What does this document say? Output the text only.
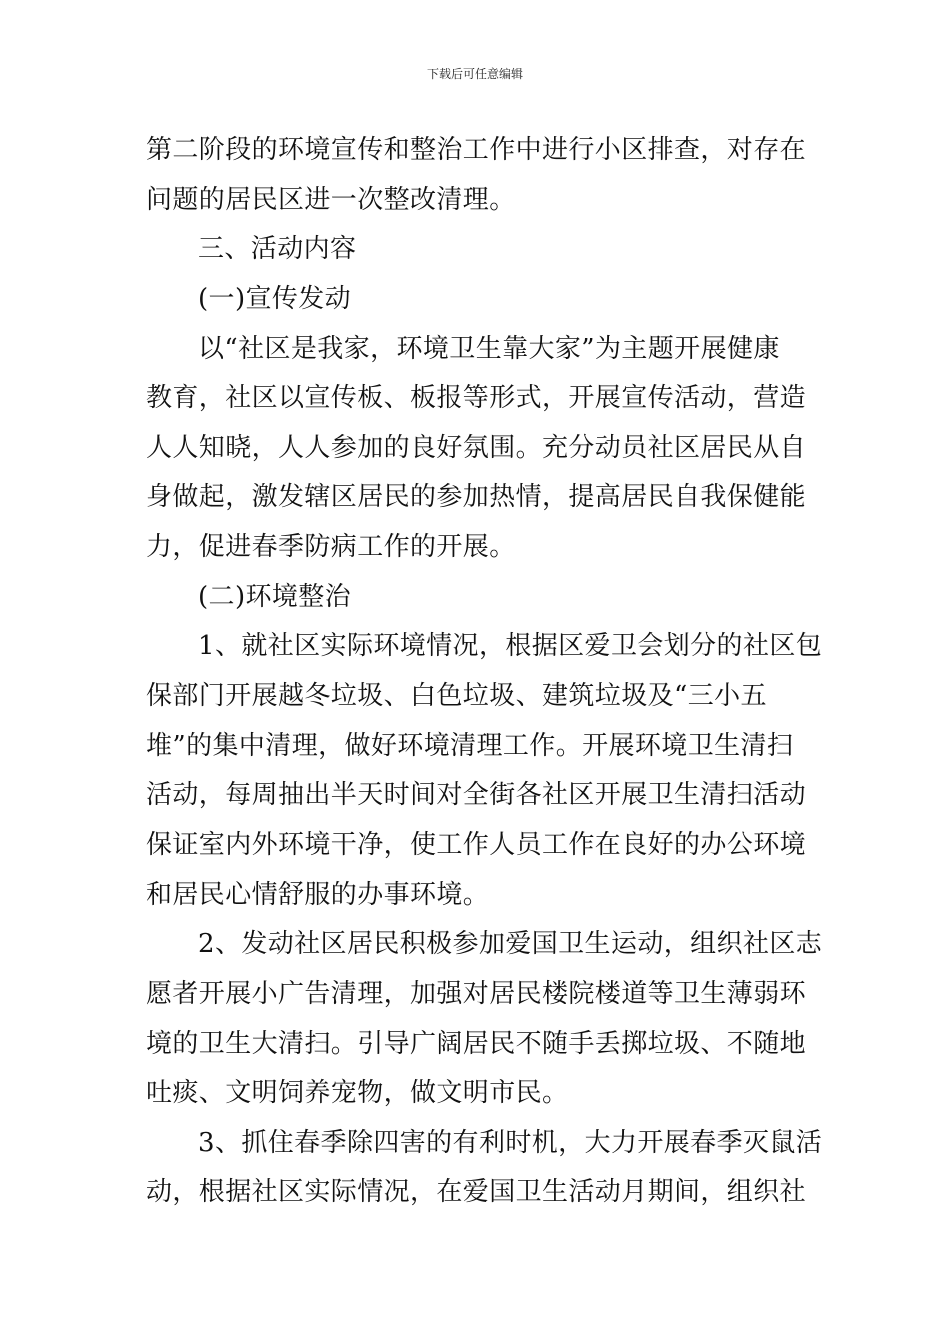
下载后可任意编辑
第二阶段的环境宣传和整治工作中进行小区排查，对存在
问题的居民区进一次整改清理。
三、活动内容
(一)宣传发动
以“社区是我家，环境卫生靠大家”为主题开展健康
教育，社区以宣传板、板报等形式，开展宣传活动，营造
人人知晓，人人参加的良好氛围。充分动员社区居民从自
身做起，激发辖区居民的参加热情，提高居民自我保健能
力，促进春季防病工作的开展。
(二)环境整治
1、就社区实际环境情况，根据区爱卫会划分的社区包
保部门开展越冬垃圾、白色垃圾、建筑垃圾及“三小五
堆”的集中清理，做好环境清理工作。开展环境卫生清扫
活动，每周抽出半天时间对全街各社区开展卫生清扫活动
保证室内外环境干净，使工作人员工作在良好的办公环境
和居民心情舒服的办事环境。
2、发动社区居民积极参加爱国卫生运动，组织社区志
愿者开展小广告清理，加强对居民楼院楼道等卫生薄弱环
境的卫生大清扫。引导广阔居民不随手丢掷垃圾、不随地
吐痰、文明饲养宠物，做文明市民。
3、抓住春季除四害的有利时机，大力开展春季灭鼠活
动，根据社区实际情况，在爱国卫生活动月期间，组织社
